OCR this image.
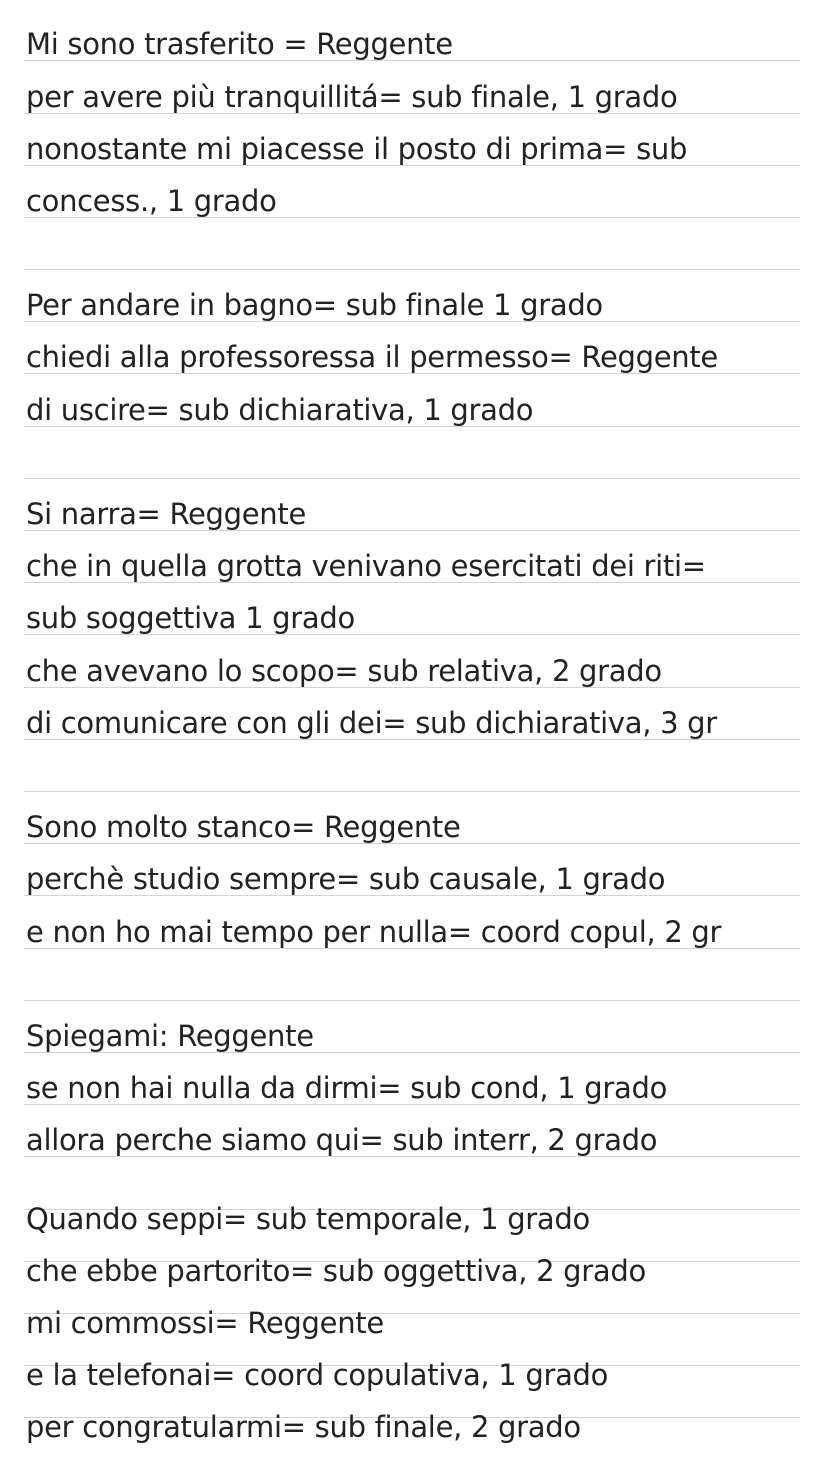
Mi sono trasferito = Reggente
per avere più tranquillitá= sub finale, 1 grado
nonostante mi piacesse il posto di prima= sub
concess., 1 grado
Per andare in bagno= sub finale 1 grado
chiedi alla professoressa il permesso= Reggente
di uscire= sub dichiarativa, 1 grado
Si narra= Reggente
che in quella grotta venivano esercitati dei riti=
sub soggettiva 1 grado
che avevano lo scopo= sub relativa, 2 grado
di comunicare con gli dei= sub dichiarativa, 3 gr
Sono molto stanco= Reggente
perchè studio sempre= sub causale, 1 grado
e non ho mai tempo per nulla= coord copul, 2 gr
Spiegami: Reggente
se non hai nulla da dirmi= sub cond, 1 grado
allora perche siamo qui= sub interr, 2 grado
Quando seppi= sub temporale, 1 grado
che ebbe partorito= sub oggettiva, 2 grado
mi commossi= Reggente
e la telefonai= coord copulativa, 1 grado
per congratularmi= sub finale, 2 grado
